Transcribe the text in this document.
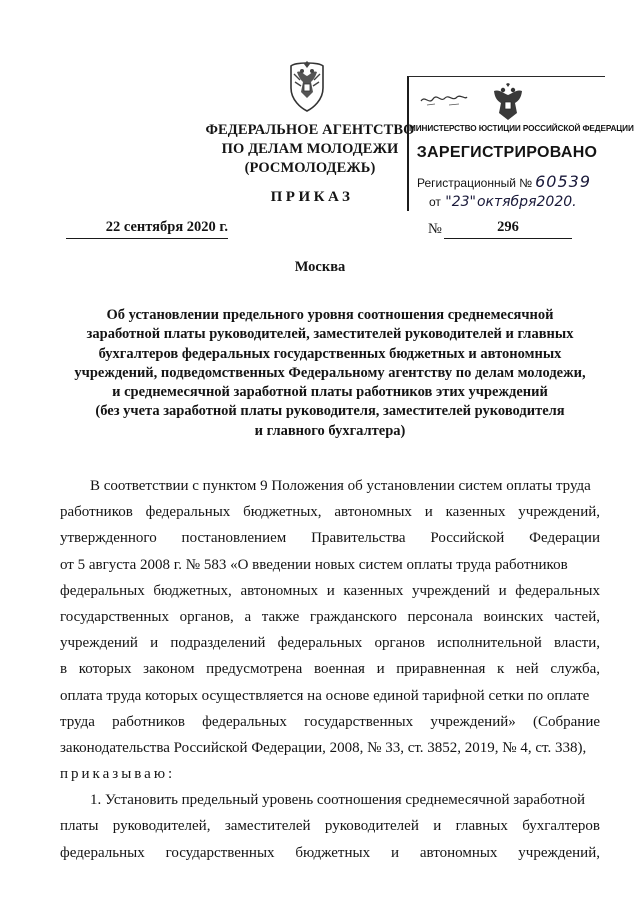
ФЕДЕРАЛЬНОЕ АГЕНТСТВО
ПО ДЕЛАМ МОЛОДЕЖИ
(РОСМОЛОДЕЖЬ)
ПРИКАЗ
МИНИСТЕРСТВО ЮСТИЦИИ РОССИЙСКОЙ ФЕДЕРАЦИИ
ЗАРЕГИСТРИРОВАНО
Регистрационный № 60539
от "23"октября2020.
22 сентября 2020 г.	№	296
Москва
Об установлении предельного уровня соотношения среднемесячной
заработной платы руководителей, заместителей руководителей и главных
бухгалтеров федеральных государственных бюджетных и автономных
учреждений, подведомственных Федеральному агентству по делам молодежи,
и среднемесячной заработной платы работников этих учреждений
(без учета заработной платы руководителя, заместителей руководителя
и главного бухгалтера)
В соответствии с пунктом 9 Положения об установлении систем оплаты труда
работников федеральных бюджетных, автономных и казенных учреждений,
утвержденного постановлением Правительства Российской Федерации
от 5 августа 2008 г. № 583 «О введении новых систем оплаты труда работников
федеральных бюджетных, автономных и казенных учреждений и федеральных
государственных органов, а также гражданского персонала воинских частей,
учреждений и подразделений федеральных органов исполнительной власти,
в которых законом предусмотрена военная и приравненная к ней служба,
оплата труда которых осуществляется на основе единой тарифной сетки по оплате
труда работников федеральных государственных учреждений» (Собрание
законодательства Российской Федерации, 2008, № 33, ст. 3852, 2019, № 4, ст. 338),
приказываю:
1. Установить предельный уровень соотношения среднемесячной заработной
платы руководителей, заместителей руководителей и главных бухгалтеров
федеральных государственных бюджетных и автономных учреждений,
